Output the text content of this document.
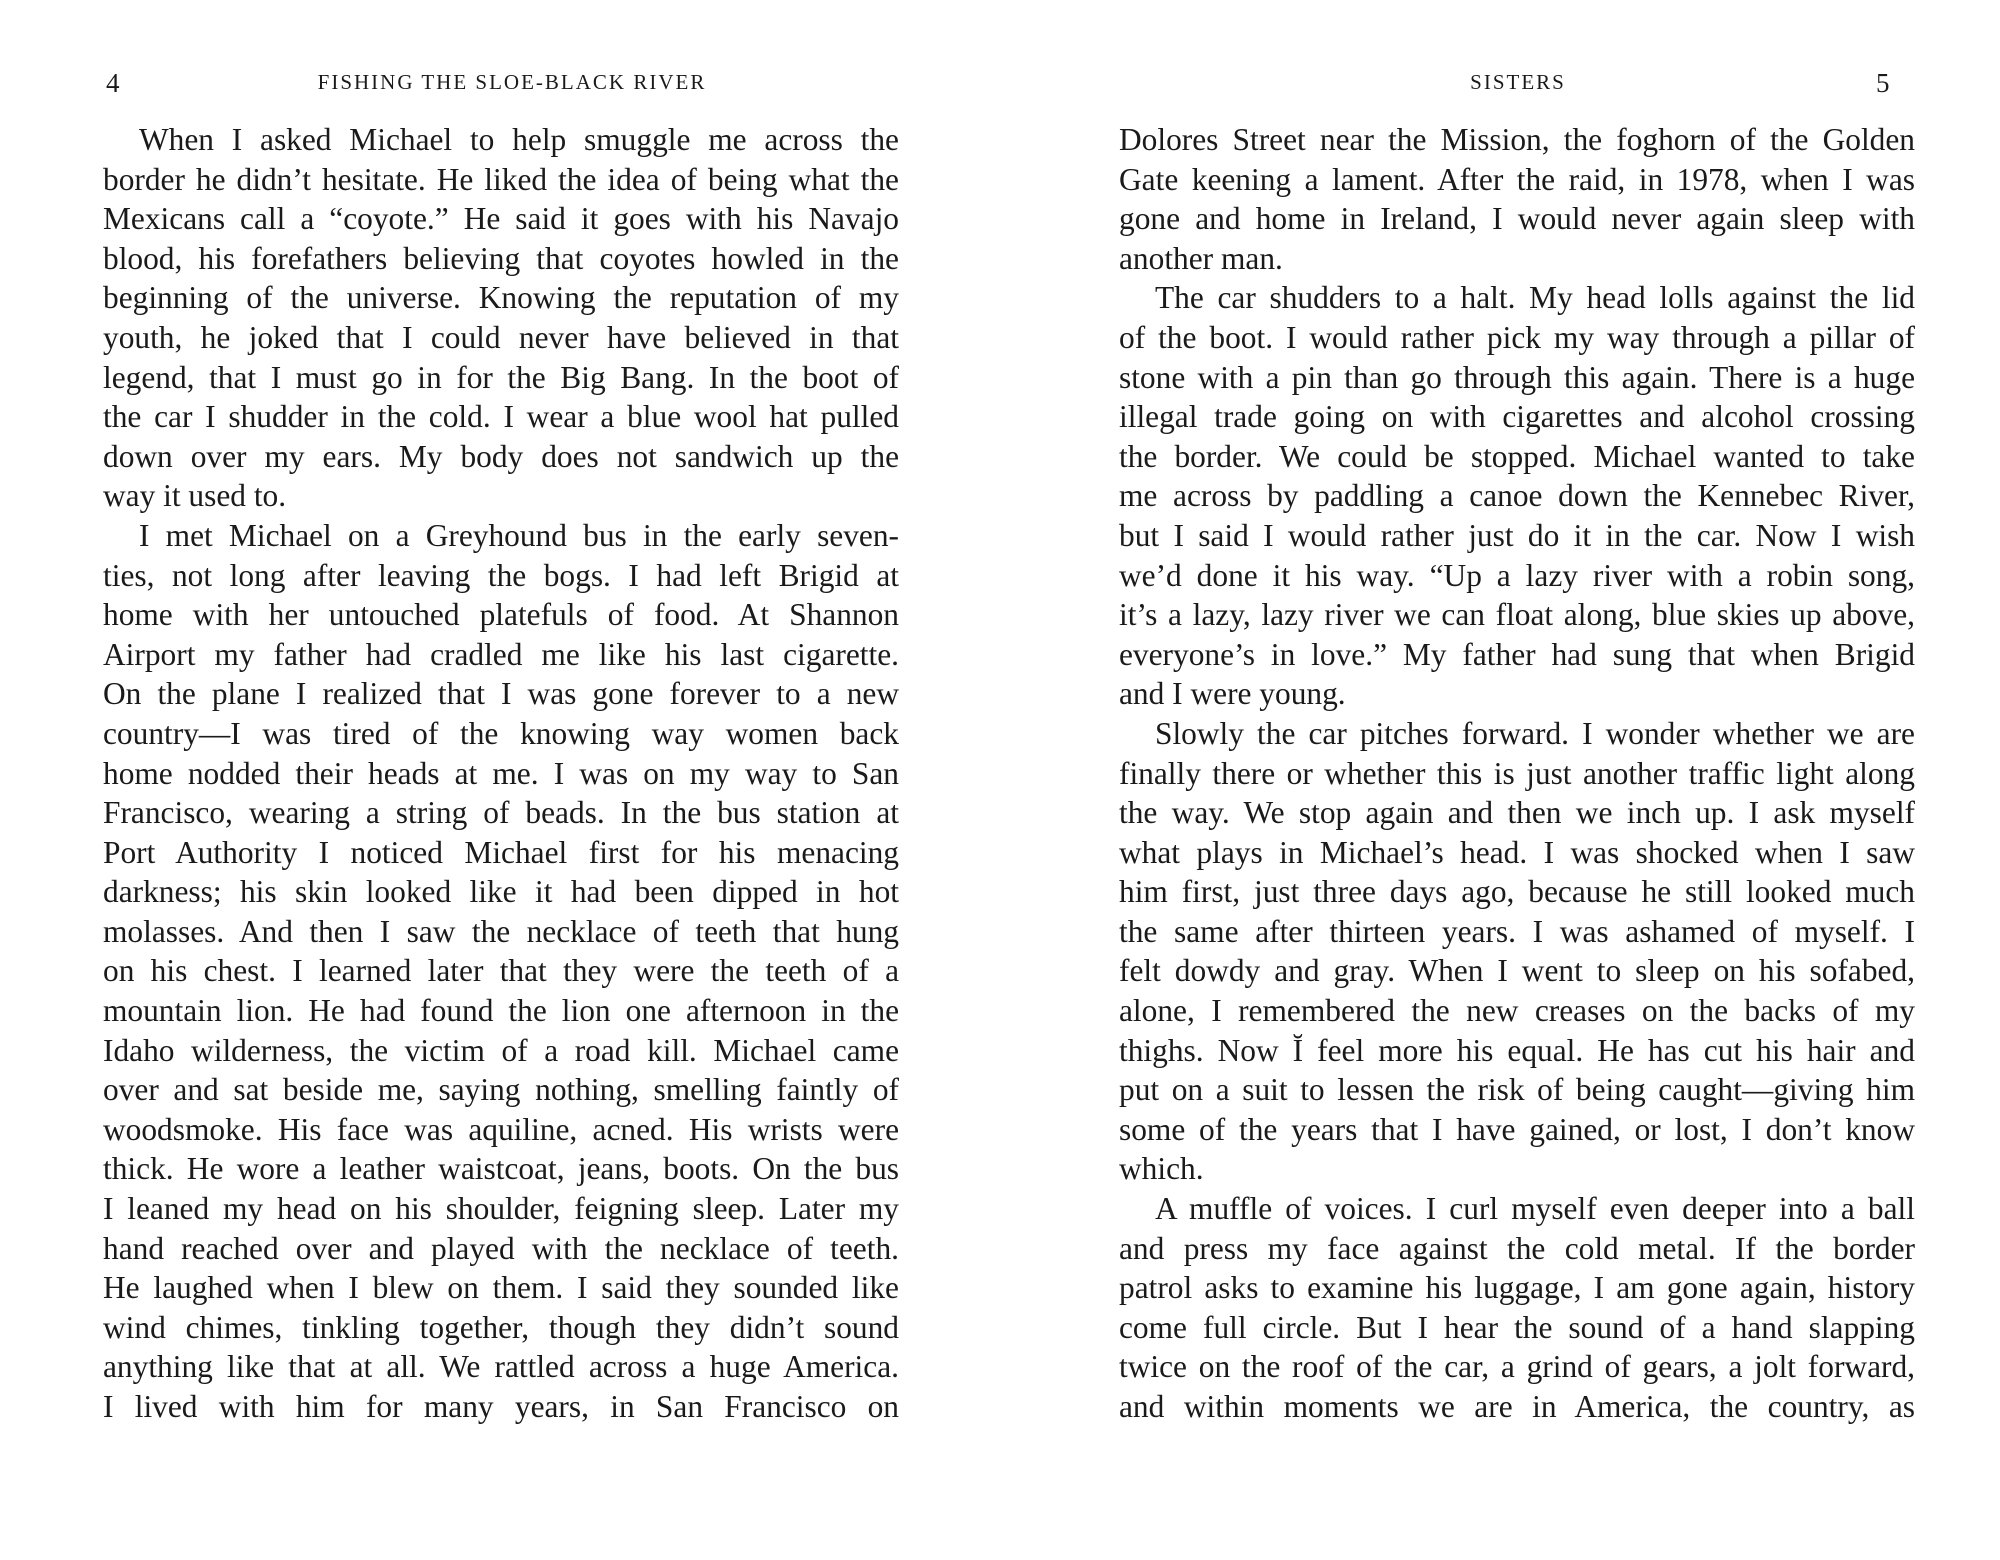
4	FISHING THE SLOE-BLACK RIVER
When I asked Michael to help smuggle me across the
border he didn’t hesitate. He liked the idea of being what the
Mexicans call a “coyote.” He said it goes with his Navajo
blood, his forefathers believing that coyotes howled in the
beginning of the universe. Knowing the reputation of my
youth, he joked that I could never have believed in that
legend, that I must go in for the Big Bang. In the boot of
the car I shudder in the cold. I wear a blue wool hat pulled
down over my ears. My body does not sandwich up the
way it used to.
I met Michael on a Greyhound bus in the early seven-
ties, not long after leaving the bogs. I had left Brigid at
home with her untouched platefuls of food. At Shannon
Airport my father had cradled me like his last cigarette.
On the plane I realized that I was gone forever to a new
country—I was tired of the knowing way women back
home nodded their heads at me. I was on my way to San
Francisco, wearing a string of beads. In the bus station at
Port Authority I noticed Michael first for his menacing
darkness; his skin looked like it had been dipped in hot
molasses. And then I saw the necklace of teeth that hung
on his chest. I learned later that they were the teeth of a
mountain lion. He had found the lion one afternoon in the
Idaho wilderness, the victim of a road kill. Michael came
over and sat beside me, saying nothing, smelling faintly of
woodsmoke. His face was aquiline, acned. His wrists were
thick. He wore a leather waistcoat, jeans, boots. On the bus
I leaned my head on his shoulder, feigning sleep. Later my
hand reached over and played with the necklace of teeth.
He laughed when I blew on them. I said they sounded like
wind chimes, tinkling together, though they didn’t sound
anything like that at all. We rattled across a huge America.
I lived with him for many years, in San Francisco on
SISTERS	5
Dolores Street near the Mission, the foghorn of the Golden
Gate keening a lament. After the raid, in 1978, when I was
gone and home in Ireland, I would never again sleep with
another man.
The car shudders to a halt. My head lolls against the lid
of the boot. I would rather pick my way through a pillar of
stone with a pin than go through this again. There is a huge
illegal trade going on with cigarettes and alcohol crossing
the border. We could be stopped. Michael wanted to take
me across by paddling a canoe down the Kennebec River,
but I said I would rather just do it in the car. Now I wish
we’d done it his way. “Up a lazy river with a robin song,
it’s a lazy, lazy river we can float along, blue skies up above,
everyone’s in love.” My father had sung that when Brigid
and I were young.
Slowly the car pitches forward. I wonder whether we are
finally there or whether this is just another traffic light along
the way. We stop again and then we inch up. I ask myself
what plays in Michael’s head. I was shocked when I saw
him first, just three days ago, because he still looked much
the same after thirteen years. I was ashamed of myself. I
felt dowdy and gray. When I went to sleep on his sofabed,
alone, I remembered the new creases on the backs of my
thighs. Now Ĭ feel more his equal. He has cut his hair and
put on a suit to lessen the risk of being caught—giving him
some of the years that I have gained, or lost, I don’t know
which.
A muffle of voices. I curl myself even deeper into a ball
and press my face against the cold metal. If the border
patrol asks to examine his luggage, I am gone again, history
come full circle. But I hear the sound of a hand slapping
twice on the roof of the car, a grind of gears, a jolt forward,
and within moments we are in America, the country, as
